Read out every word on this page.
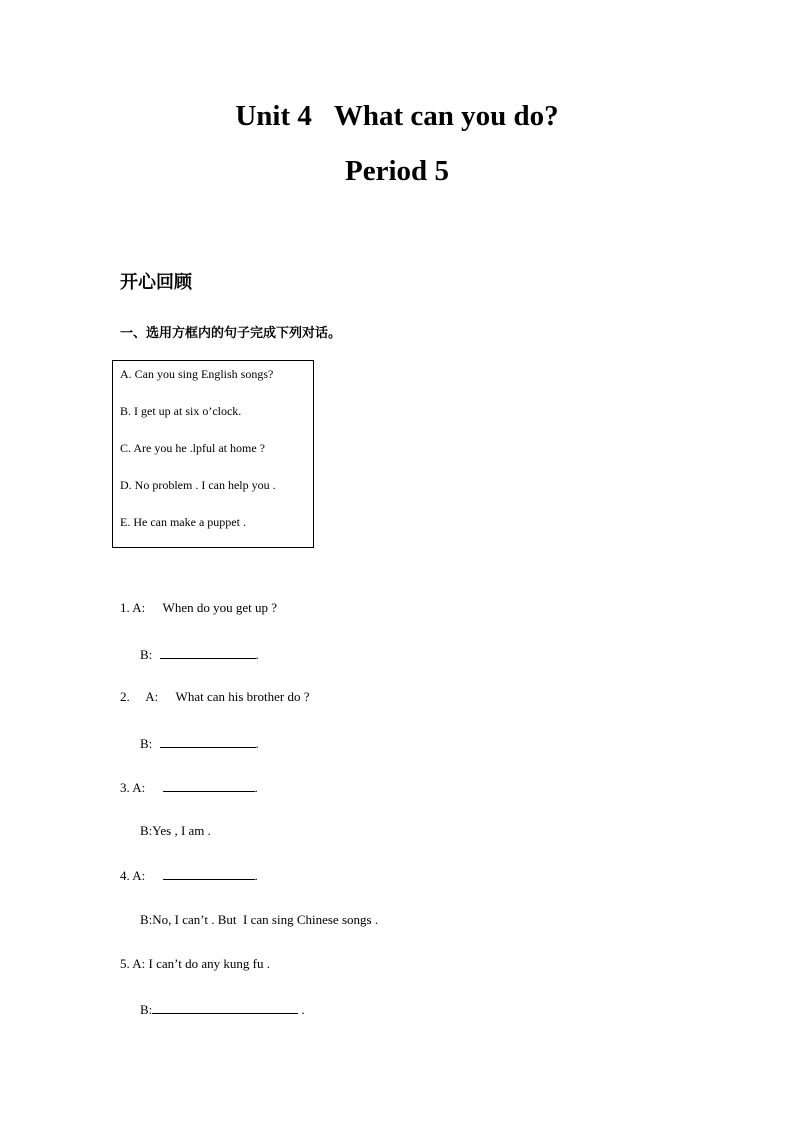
Unit 4 What can you do?
Period 5
开心回顾
一、选用方框内的句子完成下列对话。
A. Can you sing English songs?
B. I get up at six o’clock.
C. Are you he .lpful at home ?
D. No problem . I can help you .
E. He can make a puppet .
1. A: When do you get up ?
B:	.
2.     A: What can his brother do ?
B:	.
3. A:	.
B:Yes , I am .
4. A:	.
B:No, I can’t . But  I can sing Chinese songs .
5. A: I can’t do any kung fu .
B:	.
